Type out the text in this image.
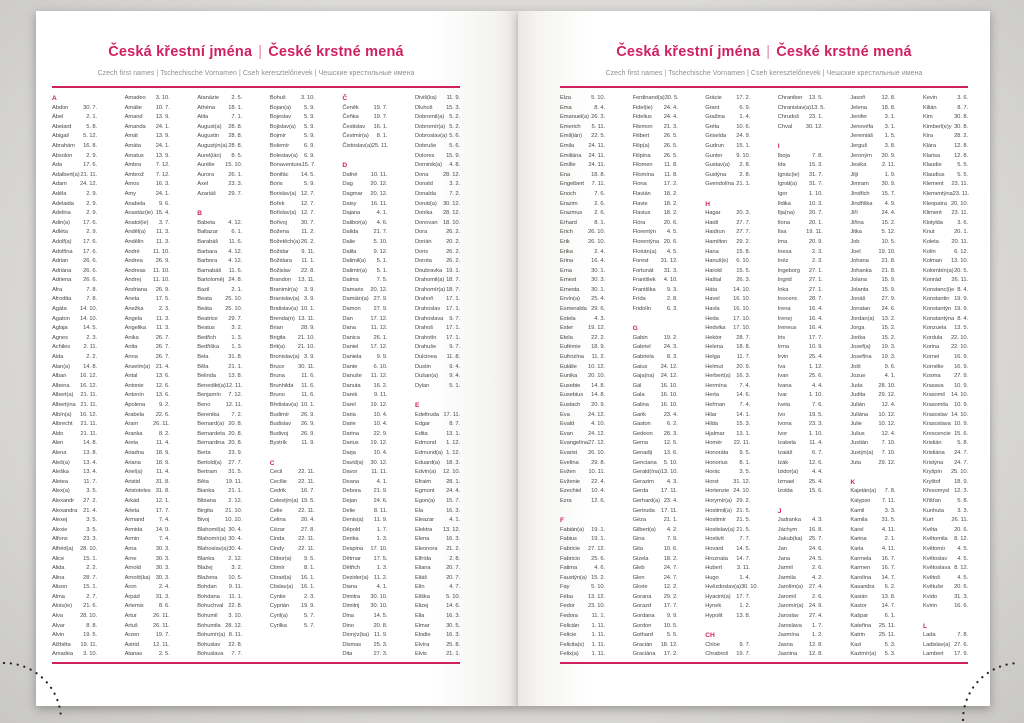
Česká křestní jména | České krstné mená
Czech first names | Tschechische Vornamen | Cseh keresztelőnevek | Чешские крестильные имена
A
Abdon	30. 7.
Ábel	2. 1.
Abelard	5. 8.
Abigail 5. 12.
Abrahám 16. 8.
Absolon 2. 9.
Ada	17. 6.
Adalbert(a) 21. 11.
Adam 24. 12.
Adéla	2. 9.
Adelaida 2. 9.
Adelina	2. 9.
Adin(a) 17. 6.
Adléta	2. 9.
Adolf(a) 17. 6.
Adolfína 17. 6.
Adrian	26. 6.
Adriána 26. 6.
Adriena 26. 6.
Afra	7. 8.
Afrodita	7. 8.
Agáta 14. 10.
Agaton 14. 10.
Aglaja	14. 5.
Agnes	2. 3.
Achiles 2. 11.
Aida	2. 2.
Alan(a) 14. 8.
Alban 16. 12.
Albena 16. 12.
Albert(a) 21. 11.
Albertýna 21. 11.
Albín(a) 16. 12.
Albrecht 21. 11.
Aldo	21. 11.
Alen	14. 8.
Alena	13. 8.
Aleš(a) 13. 4.
Aleška 13. 4.
Aletea	11. 7.
Alex(a)	3. 5.
Alexandr 27. 2.
Alexandra 21. 4.
Alexej	3. 5.
Alexie	3. 5.
Alfons	23. 3.
Alfréd(a) 28. 10.
Alice	15. 1.
Alida	2. 2.
Alina	28. 7.
Alison	15. 1.
Alma	2. 7.
Alois(ie) 21. 6.
Alva	28. 10.
Alvar	8. 8.
Alvin	19. 5.
Alžběta 19. 11.
Amadea 3. 10.
Amadeo 3. 10.
Amálie 10. 7.
Amand 13. 9.
Amanda 24. 1.
Amát	13. 9.
Amáta	24. 1.
Amatus 13. 9.
Ambra	7. 12.
Ambrož 7. 12.
Ámos	16. 3.
Amy	24. 1.
Anabela 9. 6.
Anastáz(ie) 15. 4.
Anatol(ie) 3. 7.
Anděl(a) 11. 3.
Andělín 11. 3.
André 11. 10.
Andrea 26. 9.
Andreas 11. 10.
Andrej 11. 10.
Andriana 26. 9.
Aneta	17. 5.
Anežka	2. 3.
Angela 11. 3.
Angelika 11. 3.
Anika	26. 7.
Anita	26. 7.
Anna	26. 7.
Anselm(a) 21. 4.
Antal	13. 6.
Antonie 12. 6.
Antonín 13. 6.
Apolena 9. 2.
Arabela 22. 6.
Aram	26. 11.
Aranka	8. 2.
Areta	11. 4.
Ariadna 18. 9.
Ariana	18. 9.
Ariel(a) 11. 4.
Aristid	31. 8.
Aristoteles 31. 8.
Arkád	12. 1.
Arleta	17. 7.
Armand	7. 4.
Armida 14. 9.
Armin	7. 4.
Arna	30. 3.
Arne	30. 3.
Arnold	30. 3.
Arnošt(ka) 30. 3.
Áron	2. 4.
Árpád	31. 3.
Artemis	8. 6.
Artur	26. 11.
Artuš	26. 11.
Arzen	19. 7.
Astrid 12. 11.
Atanas	2. 5.
Atanázie 2. 5.
Athéna 18. 1.
Atila	7. 1.
August(a) 28. 8.
Augustin 28. 8.
Augustýn(a) 28. 8.
Aurel(ián) 8. 5.
Aurélie 15. 10.
Aurora 26. 1.
Axel	23. 3.
Azariáš 29. 7.
B
Babeta 4. 12.
Baltazar 6. 1.
Barabáš 11. 6.
Barbara 4. 12.
Barbora 4. 12.
Barnabáš 11. 6.
Bartoloměj 24. 8.
Bazil	2. 1.
Beata 25. 10.
Beáta 25. 10.
Beatrice 29. 7.
Beatus	3. 2.
Bedřich	1. 3.
Bedřiška 1. 3.
Bela	31. 8.
Běla	21. 1.
Belinda 13. 8.
Benedikt(a) 12. 11.
Benjamín 7. 12.
Beno	12. 11.
Berenika 7. 2.
Bernard(a) 20. 8.
Bernardeta 20. 8.
Bernardina 20. 8.
Berta	23. 9.
Bertold(a) 27. 7.
Bertram 31. 5.
Běta	19. 11.
Bianka 21. 1.
Bibiana 2. 12.
Birgita 21. 10.
Bivoj	10. 10.
Blahomil(a) 30. 4.
Blahomír(a) 30. 4.
Blahoslav(a) 30. 4.
Blanka 2. 12.
Blažej	3. 2.
Blažena 10. 5.
Bohdan 9. 11.
Bohdana 11. 1.
Bohuchval 22. 8.
Bohumil 3. 10.
Bohumila 28. 12.
Bohumír(a) 8. 11.
Bohuslav 22. 8.
Bohuslava 7. 7.
Bohuš	3. 10.
Bojan(a) 5. 9.
Bojeslav 5. 9.
Bojislav(a) 5. 9.
Bojmír	5. 9.
Bolemír	6. 9.
Boleslav(a) 6. 9.
Bonaventura 15. 7.
Bonifác 14. 5.
Boris	5. 9.
Borislav(a) 12. 7.
Bořek	12. 7.
Bořislav(a) 12. 7.
Bořivoj 30. 7.
Božena 11. 2.
Božetěch(a) 26. 2.
Božidar 9. 11.
Božidara 11. 1.
Božislav 22. 8.
Brandon 13. 11.
Branimír(a) 3. 9.
Branislav(a) 3. 9.
Bratislav(a) 10. 1.
Brenda(n) 13. 11.
Brian	28. 9.
Brigita 21. 10.
Brit(a) 21. 10.
Bronislav(a) 3. 9.
Bruce 30. 11.
Bruna	11. 6.
Brunhilda 11. 6.
Bruno	11. 6.
Břetislav(a) 10. 1.
Budimír 26. 9.
Budislav 26. 9.
Budivoj 26. 9.
Bystrík	11. 9.
C
Cecil	22. 11.
Cecílie 22. 11.
Cedrik	16. 7.
Celestýn(a) 19. 5.
Celie	22. 11.
Celina	20. 4.
Cézar	27. 8.
Cinda 22. 11.
Cindy 22. 11.
Ctibor(a) 9. 5.
Ctimír	8. 1.
Ctirad(a) 16. 1.
Ctislav(a) 16. 1.
Cyntie	2. 3.
Cyprián 19. 9.
Cyril(a)	5. 7.
Cyrilka	5. 7.
Č
Čeněk	19. 7.
Čeňka	19. 7.
Čestislav 16. 1.
Čestmír(a) 8. 1.
Čistoslav(a) 25. 11.
D
Dafné 10. 11.
Dag	20. 12.
Dagmar 20. 12.
Daisy 16. 11.
Dajana	4. 1.
Dalibor(a) 4. 6.
Dalida	21. 7.
Dalie	5. 10.
Dalila	9. 12.
Dalimil(a) 5. 1.
Dalimír(a) 5. 1.
Dalma	7. 5.
Damaris 20. 12.
Damián(a) 27. 9.
Damon 27. 9.
Dan	17. 12.
Dana	11. 12.
Danica 26. 1.
Daniel 17. 12.
Daniela	9. 9.
Dante	6. 10.
Danuše 11. 12.
Danuta 16. 2.
Darek	9. 11.
Darel	19. 12.
Daria	10. 4.
Darie	10. 4.
Darina	22. 9.
Darius 19. 12.
Darja	10. 4.
David(a) 30. 12.
Davor 11. 11.
Deana	4. 1.
Debora 21. 9.
Dejan	24. 6.
Delie	8. 11.
Denis(a) 11. 9.
Děpold	1. 7.
Derika	1. 3.
Despina 17. 10.
Dětmar 17. 5.
Dětřich	1. 3.
Dezider(a) 11. 2.
Diana	4. 1.
Dimitra 30. 10.
Dimitrij 30. 10.
Dina	14. 5.
Dino	20. 8.
Dionýz(ka) 11. 9.
Dismas 25. 3.
Dita	27. 3.
Diviš(ka) 11. 9.
Dluhoš 15. 3.
Dobromil(a) 5. 2.
Dobromír(a) 5. 2.
Dobroslav(a) 5. 6.
Dobruše 5. 6.
Dolores 15. 9.
Dominik(a) 4. 8.
Dona	28. 12.
Donald	3. 2.
Donalda 7. 2.
Donát(a) 30. 12.
Donika 28. 12.
Donovan 18. 10.
Dora	26. 2.
Dorián	20. 2.
Doris	26. 2.
Dorota 26. 2.
Doubravka 19. 1.
Drahomil(a) 18. 7.
Drahomír(a) 18. 7.
Drahoň 17. 1.
Drahoslav 17. 1.
Drahoslava 9. 7.
Drahoš 17. 1.
Drahotín 17. 1.
Drahuše 9. 7.
Dulcinea 11. 8.
Dustin	9. 4.
Dušan(a) 9. 4.
Dylan	5. 1.
E
Edeltruda 17. 11.
Edgar	8. 7.
Edita	13. 1.
Edmond 1. 12.
Edmund(a) 1. 12.
Eduard(a) 18. 3.
Edvín(a) 12. 10.
Efraim	28. 1.
Egmont 24. 4.
Egon(a) 15. 7.
Ela	16. 3.
Eleazar	4. 1.
Elektra 13. 12.
Elena	16. 3.
Eleonora 21. 2.
Elfrída	2. 8.
Eliana	20. 7.
Eliáš	20. 7.
Elín	4. 7.
Eliška	5. 10.
Elizej	14. 6.
Ella	16. 3.
Elmar	30. 5.
Elodie	16. 3.
Elvíra	25. 8.
Elvis	21. 1.
Česká křestní jména | České krstné mená
Czech first names | Tschechische Vornamen | Cseh keresztelőnevek | Чешские крестильные имена
Elza	5. 10.
Ema	8. 4.
Emanuel(a) 26. 3.
Emerich 5. 11.
Emil(ián) 22. 5.
Emila 24. 11.
Emiliána 24. 11.
Emílie 24. 11.
Ena	18. 8.
Engelbert 7. 11.
Enoch	7. 6.
Erazim	2. 6.
Erazmus 2. 6.
Erhard	8. 1.
Erich	26. 10.
Erik	26. 10.
Erika	2. 4.
Erina	16. 4.
Erna	30. 1.
Ernest	30. 3.
Ernesta 30. 1.
Ervín(a) 25. 4.
Esmeralda 29. 6.
Estela	4. 3.
Ester	19. 12.
Etela	22. 2.
Eufémie 18. 9.
Eufrozína 11. 2.
Eulálie 10. 12.
Eunika 20. 10.
Eusebie 14. 8.
Eusebius 14. 8.
Eustach 20. 9.
Eva	24. 12.
Evald	4. 10.
Evan	24. 12.
Evangelína 27. 12.
Evarist 26. 10.
Evelína 29. 8.
Evžen 10. 11.
Evženie 22. 4.
Ezechiel 10. 4.
Ezra	12. 6.
F
Fabián(a) 19. 1.
Fabius 19. 1.
Fabricie 27. 12.
Fabricio 25. 6.
Fatima	4. 6.
Faustýn(a) 15. 2.
Fay	5. 10.
Féba	13. 12.
Fedor 23. 10.
Fedora 11. 1.
Felicián 1. 11.
Felície	1. 11.
Felicita(s) 1. 11.
Felix(a) 1. 11.
Ferdinand(a) 30. 5.
Fidel(ie) 24. 4.
Fidelius 24. 4.
Filemon 21. 3.
Filibert	26. 5.
Filip(a) 26. 5.
Filipína 26. 5.
Filomen 11. 8.
Filomína 11. 8.
Fiona	17. 2.
Flavián 18. 2.
Flavie	18. 2.
Flavius 18. 2.
Flóra	20. 6.
Florentýn 4. 5.
Florentýna 20. 6.
Florián(a) 4. 5.
Forest 31. 12.
Fortunát 31. 3.
František 4. 10.
Františka 9. 3.
Frída	2. 8.
Fridolín	6. 3.
G
Gabin	19. 2.
Gabriel 24. 3.
Gabriela 8. 3.
Gaius 24. 12.
Gaja(na) 24. 12.
Gál	16. 10.
Gala	16. 10.
Galina 16. 10.
Garik	23. 4.
Gaston	6. 2.
Gedeon 28. 3.
Gema	12. 5.
Genadij 13. 6.
Genciana 5. 10.
Gerald(ína) 13. 10.
Gerazim 4. 3.
Gerda 17. 11.
Gerhard(a) 23. 4.
Gertruda 17. 11.
Géza	21. 1.
Gilbert(a) 4. 2.
Gina	7. 9.
Gita	10. 6.
Gizela	18. 2.
Gleb	24. 7.
Glen	24. 7.
Glorie	12. 2.
Gorana 29. 2.
Gorazd 17. 7.
Gordana 9. 9.
Gordon 10. 5.
Gothard 5. 5.
Gracián 18. 12.
Graciána 17. 2.
Grácie	17. 2.
Grant	6. 9.
Gražina	1. 4.
Gréta	10. 6.
Griselda 24. 9.
Gudrun 15. 1.
Gunter 9. 10.
Gustav(a) 2. 8.
Gustýna 2. 8.
Gvendolína 21. 1.
H
Hagar	20. 3.
Haidi	27. 7.
Haidrun 27. 7.
Hamilton 29. 2.
Hana	15. 8.
Hanuš(e) 6. 10.
Harold	15. 5.
Haštal	26. 3.
Háta	14. 10.
Havel 16. 10.
Havla 16. 10.
Heda	17. 10.
Hedvika 17. 10.
Hektor	28. 7.
Helena 18. 8.
Helga	11. 7.
Helmut 20. 9.
Herbert(a) 16. 3.
Hermína 7. 4.
Herta	14. 6.
Heřman 7. 4.
Hilar	14. 1.
Hilda	15. 3.
Hjalmar 13. 1.
Homér 22. 11.
Honoráta 9. 5.
Honorius 8. 1.
Horác	3. 5.
Horst	31. 12.
Hortenzie 24. 10.
Horymír(a) 29. 2.
Hostimil(a) 21. 5.
Hostimír 21. 5.
Hostislav(a) 21. 5.
Hostivít	7. 7.
Hovard 14. 5.
Hroznata 14. 7.
Hubert	3. 11.
Hugo	1. 4.
Hvězdoslav(a) 30. 10.
Hyacint(a) 17. 7.
Hynek	1. 2.
Hypolit 13. 8.
CH
Chloe	9. 7.
Chrabroš 19. 7.
Chraniber 13. 5.
Chranislav(a) 13. 5.
Chrudoš 23. 1.
Chval 30. 12.
I
Iboja	7. 8.
Ida	15. 3.
Ignác(ie) 31. 7.
Ignát(a) 31. 7.
Igor	1. 10.
Ildika	10. 3.
Ilja(na) 20. 7.
Ilona	20. 1.
Ilsa	19. 11.
Ima	20. 9.
Inesa	2. 3.
Inéz	2. 3.
Ingeborg 27. 1.
Ingrid	27. 1.
Inka	27. 1.
Inocenc 28. 7.
Irena	16. 4.
Irenej	16. 4.
Ireneus 16. 4.
Iris	17. 7.
Irma	10. 9.
Irvin	25. 4.
Iva	1. 12.
Ivan	25. 6.
Ivana	4. 4.
Ivar	1. 10.
Iveta	7. 6.
Ivo	19. 5.
Ivona	23. 3.
Ivor	1. 10.
Izabela 11. 4.
Izaiáš	6. 7.
Izák	12. 6.
Izidor(a) 4. 4.
Izmael	25. 4.
Izolda	15. 6.
J
Jadranka 4. 3.
Jáchym 16. 8.
Jakub(ka) 25. 7.
Jan	24. 6.
Jana	24. 5.
Jarmil	2. 6.
Jarmila	4. 2.
Jarolím(a) 27. 4.
Jaromil	2. 6.
Jaromír(a) 24. 9.
Jaroslav 27. 4.
Jaroslava 1. 7.
Jasmína 1. 2.
Jasna	12. 8.
Jasnina 12. 8.
Jasoň	12. 8.
Jelena	18. 8.
Jenifer	3. 1.
Jenovéfa 3. 1.
Jeremiáš 1. 5.
Jerguš	3. 8.
Jeroným 30. 9.
Jesika	2. 11.
Jiljí	1. 9.
Jimram 30. 9.
Jindřich 15. 7.
Jindřiška 4. 9.
Jiří	24. 4.
Jiřina	15. 2.
Jitka	5. 12.
Job	10. 5.
Joel	19. 10.
Johana 21. 8.
Johanka 21. 8.
Jolana	15. 9.
Jolanta 15. 9.
Jonáš	27. 9.
Jonatan 24. 6.
Jordan(a) 13. 2.
Jorga	15. 2.
Jorika	15. 2.
Josef(a) 19. 3.
Josefína 19. 3.
Jošt	9. 6.
Jozue	4. 1.
Juda	28. 10.
Judita 29. 12.
Julián	12. 4.
Juliána 10. 12.
Julie	10. 12.
Julius	12. 4.
Justián 7. 10.
Justýn(a) 7. 10.
Juta	29. 12.
K
Kajetán(a) 7. 8.
Kalypso 7. 11.
Kamil	3. 3.
Kamila 31. 5.
Karel	4. 11.
Karina	2. 1.
Karla	4. 11.
Karmela 16. 7.
Karmen 16. 7.
Karolína 14. 7.
Kasandra 6. 2.
Kasián 13. 8.
Kastor	14. 7.
Kašpar	6. 1.
Kateřina 25. 11.
Katrin 25. 11.
Kazi	5. 3.
Kazimír(a) 5. 3.
Kevin	3. 6.
Kilián	8. 7.
Kim	30. 8.
Kimberl(e)y 30. 8.
Kira	28. 2.
Klára	12. 8.
Klarisa 12. 8.
Klaudie	5. 5.
Klaudius 5. 5.
Klement 23. 11.
Klementýna 23. 11.
Kleopatra 20. 10.
Kliment 23. 11.
Klotylda 3. 6.
Knut	20. 1.
Koleta 20. 11.
Kolín	6. 12.
Kolman 13. 10.
Kolombín(a) 20. 5.
Konrád 26. 11.
Konstanc(i)e 8. 4.
Konstantin 19. 9.
Konstantýn 19. 9.
Konstantýna 8. 4.
Konzuela 13. 5.
Kordula 22. 10.
Korina 22. 10.
Kornel	16. 9.
Kornélie 16. 9.
Kosma 27. 9.
Krasava 10. 9.
Krasomil 14. 10.
Krasomila 10. 9.
Krasoslav 14. 10.
Krasoslava 10. 9.
Krescencie 15. 6.
Kristián	5. 8.
Kristiána 24. 7.
Kristýna 24. 7.
Kryšpín 25. 10.
Kryštof 18. 9.
Křesomysl 12. 3.
Křišťan	5. 8.
Kunhuta 3. 3.
Kurt	26. 11.
Květa	20. 6.
Květomila 8. 12.
Květomír 4. 5.
Květoslav 4. 5.
Květoslava 8. 12.
Květoš	4. 5.
Květuše 20. 6.
Kvido	31. 3.
Kvirin	16. 6.
L
Lada	7. 8.
Ladislav(a) 27. 6.
Lambert 17. 9.
